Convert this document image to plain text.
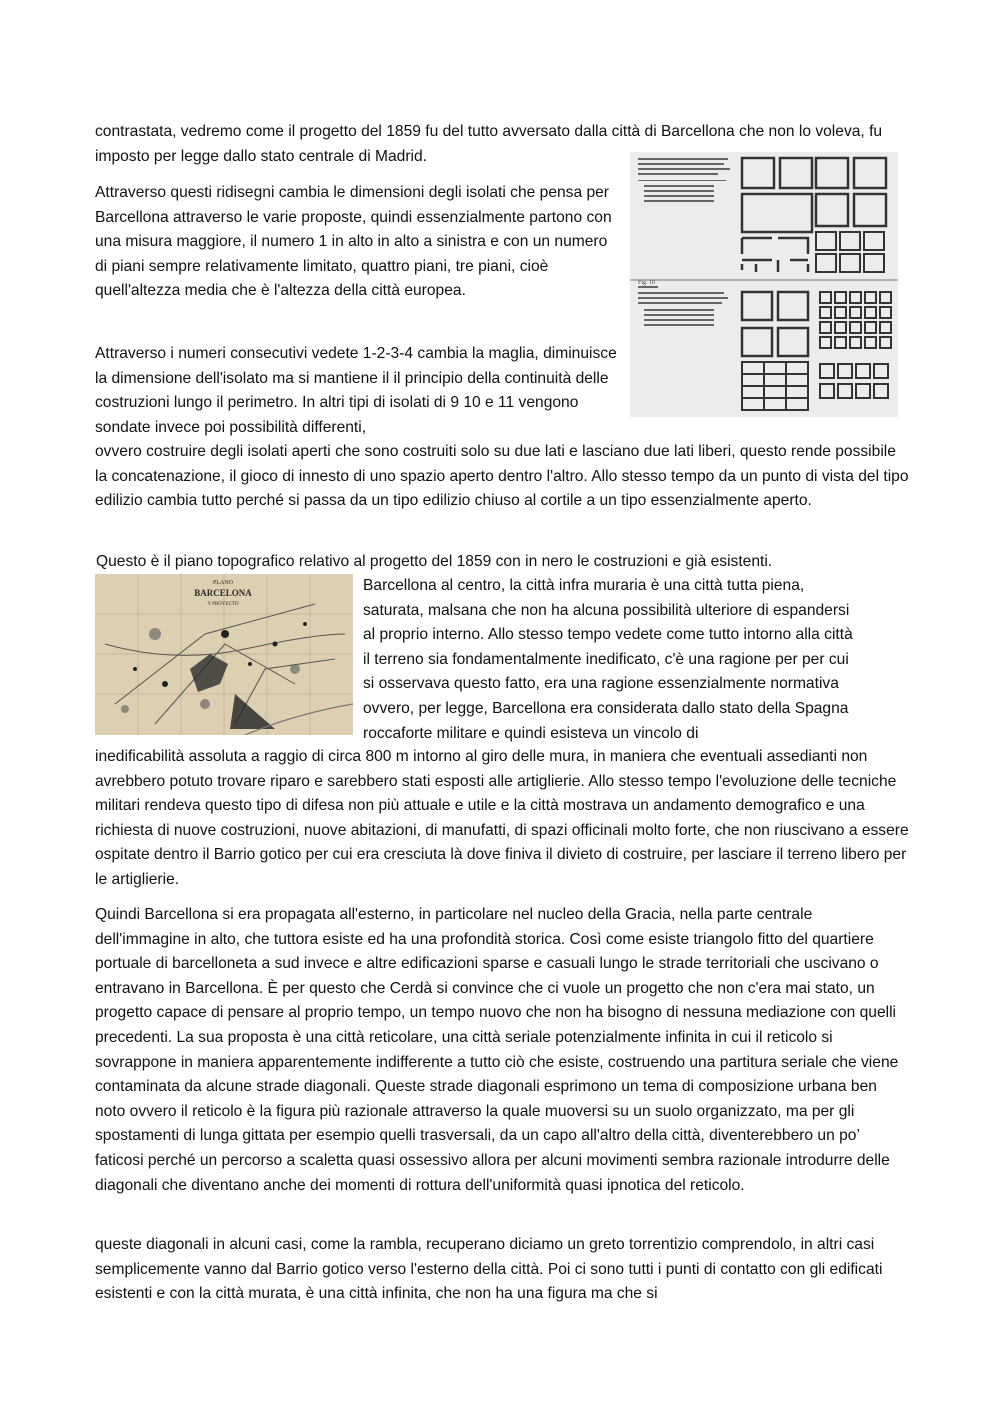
contrastata, vedremo come il progetto del 1859 fu del tutto avversato dalla città di Barcellona che non lo voleva, fu imposto per legge dallo stato centrale di Madrid.

Attraverso questi ridisegni cambia le dimensioni degli isolati che pensa per Barcellona attraverso le varie proposte, quindi essenzialmente partono con una misura maggiore, il numero 1 in alto in alto a sinistra e con un numero di piani sempre relativamente limitato, quattro piani, tre piani, cioè quell'altezza media che è l'altezza della città europea.

Attraverso i numeri consecutivi vedete 1-2-3-4 cambia la maglia, diminuisce la dimensione dell'isolato ma si mantiene il il principio della continuità delle costruzioni lungo il perimetro. In altri tipi di isolati di 9 10 e 11 vengono sondate invece poi possibilità differenti,

ovvero costruire degli isolati aperti che sono costruiti solo su due lati e lasciano due lati liberi, questo rende possibile la concatenazione, il gioco di innesto di uno spazio aperto dentro l'altro. Allo stesso tempo da un punto di vista del tipo edilizio cambia tutto perché si passa da un tipo edilizio chiuso al cortile a un tipo essenzialmente aperto.

Fig. 10

Questo è il piano topografico relativo al progetto del 1859 con in nero le costruzioni e già esistenti.

PLANO
BARCELONA
Y PROYECTO

Barcellona al centro, la città infra muraria è una città tutta piena, saturata, malsana che non ha alcuna possibilità ulteriore di espandersi al proprio interno. Allo stesso tempo vedete come tutto intorno alla città il terreno sia fondamentalmente inedificato, c'è una ragione per per cui si osservava questo fatto, era una ragione essenzialmente normativa ovvero, per legge, Barcellona era considerata dallo stato della Spagna roccaforte militare e quindi esisteva un vincolo di

inedificabilità assoluta a raggio di circa 800 m intorno al giro delle mura, in maniera che eventuali assedianti non avrebbero potuto trovare riparo e sarebbero stati esposti alle artiglierie. Allo stesso tempo l'evoluzione delle tecniche militari rendeva questo tipo di difesa non più attuale e utile e la città mostrava un andamento demografico e una richiesta di nuove costruzioni, nuove abitazioni, di manufatti, di spazi officinali molto forte, che non riuscivano a essere ospitate dentro il Barrio gotico per cui era cresciuta là dove finiva il divieto di costruire, per lasciare il terreno libero per le artiglierie.

Quindi Barcellona si era propagata all'esterno, in particolare nel nucleo della Gracia, nella parte centrale dell'immagine in alto, che tuttora esiste ed ha una profondità storica. Così come esiste triangolo fitto del quartiere portuale di barcelloneta a sud invece e altre edificazioni sparse e casuali lungo le strade territoriali che uscivano o entravano in Barcellona. È per questo che Cerdà si convince che ci vuole un progetto che non c'era mai stato, un progetto capace di pensare al proprio tempo, un tempo nuovo che non ha bisogno di nessuna mediazione con quelli precedenti. La sua proposta è una città reticolare, una città seriale potenzialmente infinita in cui il reticolo si sovrappone in maniera apparentemente indifferente a tutto ciò che esiste, costruendo una partitura seriale che viene contaminata da alcune strade diagonali. Queste strade diagonali esprimono un tema di composizione urbana ben noto ovvero il reticolo è la figura più razionale attraverso la quale muoversi su un suolo organizzato, ma per gli spostamenti di lunga gittata per esempio quelli trasversali, da un capo all'altro della città, diventerebbero un po’ faticosi perché un percorso a scaletta quasi ossessivo allora per alcuni movimenti sembra razionale introdurre delle diagonali che diventano anche dei momenti di rottura dell'uniformità quasi ipnotica del reticolo.

queste diagonali in alcuni casi, come la rambla, recuperano diciamo un greto torrentizio comprendolo, in altri casi semplicemente vanno dal Barrio gotico verso l'esterno della città. Poi ci sono tutti i punti di contatto con gli edificati esistenti e con la città murata, è una città infinita, che non ha una figura ma che si
